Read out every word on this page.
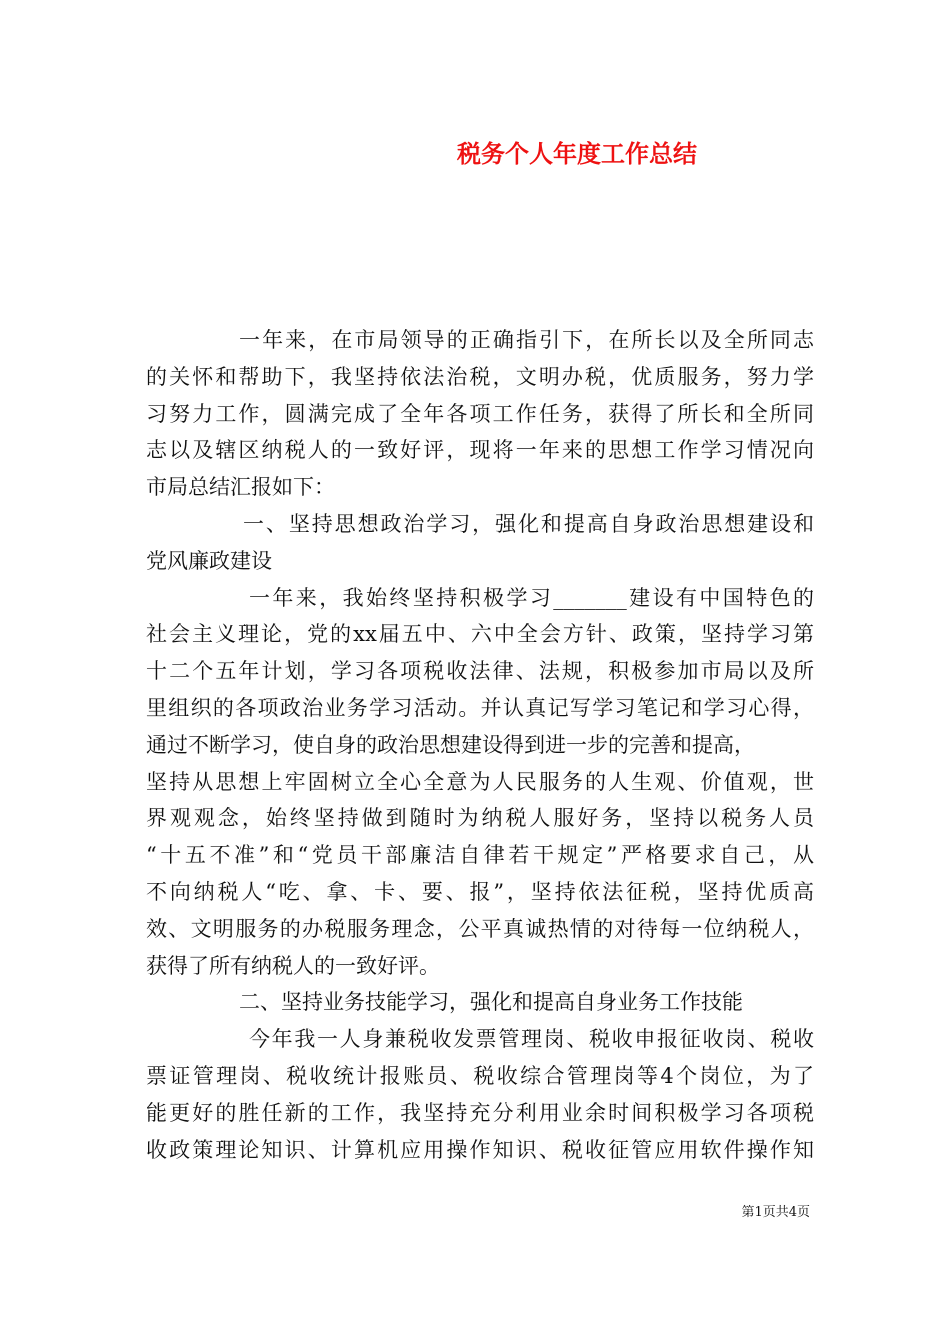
税务个人年度工作总结
一年来，在市局领导的正确指引下，在所长以及全所同志
的关怀和帮助下，我坚持依法治税，文明办税，优质服务，努力学
习努力工作，圆满完成了全年各项工作任务，获得了所长和全所同
志以及辖区纳税人的一致好评，现将一年来的思想工作学习情况向
市局总结汇报如下：
一、坚持思想政治学习，强化和提高自身政治思想建设和
党风廉政建设
一年来，我始终坚持积极学习_______建设有中国特色的
社会主义理论，党的xx届五中、六中全会方针、政策，坚持学习第
十二个五年计划，学习各项税收法律、法规，积极参加市局以及所
里组织的各项政治业务学习活动。并认真记写学习笔记和学习心得，
通过不断学习，使自身的政治思想建设得到进一步的完善和提高，
坚持从思想上牢固树立全心全意为人民服务的人生观、价值观，世
界观观念，始终坚持做到随时为纳税人服好务，坚持以税务人员
“十五不准”和“党员干部廉洁自律若干规定”严格要求自己，从
不向纳税人“吃、拿、卡、要、报”，坚持依法征税，坚持优质高
效、文明服务的办税服务理念，公平真诚热情的对待每一位纳税人，
获得了所有纳税人的一致好评。
二、坚持业务技能学习，强化和提高自身业务工作技能
今年我一人身兼税收发票管理岗、税收申报征收岗、税收
票证管理岗、税收统计报账员、税收综合管理岗等4个岗位，为了
能更好的胜任新的工作，我坚持充分利用业余时间积极学习各项税
收政策理论知识、计算机应用操作知识、税收征管应用软件操作知
第1页共4页
